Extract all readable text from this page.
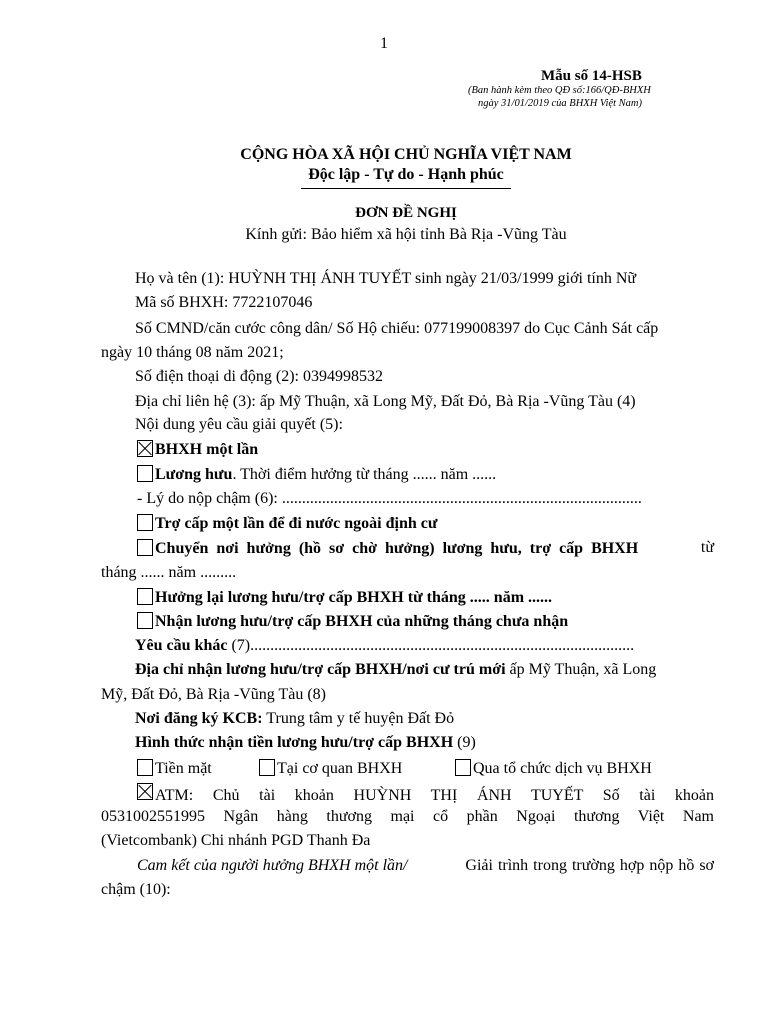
1
Mẫu số 14-HSB
(Ban hành kèm theo QĐ số:166/QĐ-BHXH
ngày 31/01/2019 của BHXH Việt Nam)
CỘNG HÒA XÃ HỘI CHỦ NGHĨA VIỆT NAM
Độc lập - Tự do - Hạnh phúc
ĐƠN ĐỀ NGHỊ
Kính gửi: Bảo hiểm xã hội tỉnh Bà Rịa -Vũng Tàu
Họ và tên (1): HUỲNH THỊ ÁNH TUYẾT sinh ngày 21/03/1999 giới tính Nữ
Mã số BHXH: 7722107046
Số CMND/căn cước công dân/ Số Hộ chiếu: 077199008397 do Cục Cảnh Sát cấp
ngày 10 tháng 08 năm 2021;
Số điện thoại di động (2): 0394998532
Địa chỉ liên hệ (3): ấp Mỹ Thuận, xã Long Mỹ, Đất Đỏ, Bà Rịa -Vũng Tàu (4)
Nội dung yêu cầu giải quyết (5):
BHXH một lần
Lương hưu. Thời điểm hưởng từ tháng ...... năm ......
- Lý do nộp chậm (6): ..........................................................................................
Trợ cấp một lần để đi nước ngoài định cư
Chuyển nơi hưởng (hồ sơ chờ hưởng) lương hưu, trợ cấp BHXH	từ
tháng ...... năm .........
Hưởng lại lương hưu/trợ cấp BHXH từ tháng ..... năm ......
Nhận lương hưu/trợ cấp BHXH của những tháng chưa nhận
Yêu cầu khác (7)................................................................................................
Địa chỉ nhận lương hưu/trợ cấp BHXH/nơi cư trú mới ấp Mỹ Thuận, xã Long
Mỹ, Đất Đỏ, Bà Rịa -Vũng Tàu (8)
Nơi đăng ký KCB: Trung tâm y tế huyện Đất Đỏ
Hình thức nhận tiền lương hưu/trợ cấp BHXH (9)
Tiền mặt	Tại cơ quan BHXH	Qua tổ chức dịch vụ BHXH
ATM: Chủ tài khoản HUỲNH THỊ ÁNH TUYẾT Số tài khoản
0531002551995 Ngân hàng thương mại cổ phần Ngoại thương Việt Nam
(Vietcombank) Chi nhánh PGD Thanh Đa
Cam kết của người hưởng BHXH một lần/	Giải trình trong trường hợp nộp hồ sơ
chậm (10):
